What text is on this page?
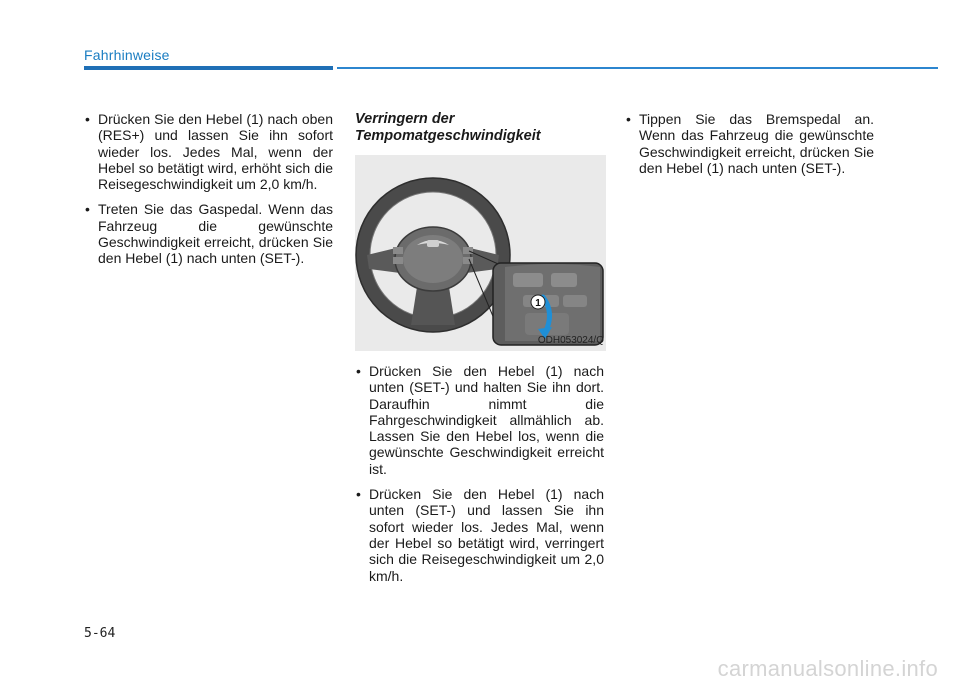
Fahrhinweise
• Drücken Sie den Hebel (1) nach oben (RES+) und lassen Sie ihn sofort wieder los. Jedes Mal, wenn der Hebel so betätigt wird, erhöht sich die Reisegeschwindigkeit um 2,0 km/h.
• Treten Sie das Gaspedal. Wenn das Fahrzeug die gewünschte Geschwindigkeit erreicht, drücken Sie den Hebel (1) nach unten (SET-).
Verringern der
Tempomatgeschwindigkeit
1
ODH053024/Q
• Drücken Sie den Hebel (1) nach unten (SET-) und halten Sie ihn dort. Daraufhin nimmt die Fahrgeschwindigkeit allmählich ab. Lassen Sie den Hebel los, wenn die gewünschte Geschwindigkeit erreicht ist.
• Drücken Sie den Hebel (1) nach unten (SET-) und lassen Sie ihn sofort wieder los. Jedes Mal, wenn der Hebel so betätigt wird, verringert sich die Reisegeschwindigkeit um 2,0 km/h.
• Tippen Sie das Bremspedal an. Wenn das Fahrzeug die gewünschte Geschwindigkeit erreicht, drücken Sie den Hebel (1) nach unten (SET-).
5-64
carmanualsonline.info
